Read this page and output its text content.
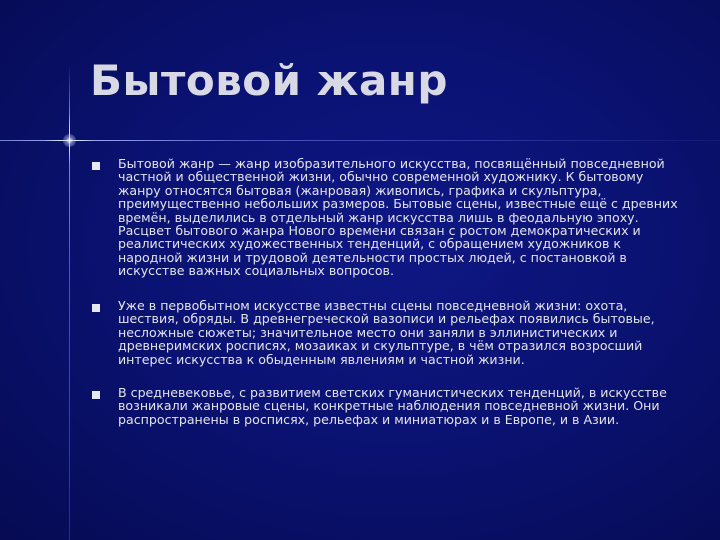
Бытовой жанр

Бытовой жанр — жанр изобразительного искусства, посвящённый повседневной частной и общественной жизни, обычно современной художнику. К бытовому жанру относятся бытовая (жанровая) живопись, графика и скульптура, преимущественно небольших размеров. Бытовые сцены, известные ещё с древних времён, выделились в отдельный жанр искусства лишь в феодальную эпоху. Расцвет бытового жанра Нового времени связан с ростом демократических и реалистических художественных тенденций, с обращением художников к народной жизни и трудовой деятельности простых людей, с постановкой в искусстве важных социальных вопросов.

Уже в первобытном искусстве известны сцены повседневной жизни: охота, шествия, обряды. В древнегреческой вазописи и рельефах появились бытовые, несложные сюжеты; значительное место они заняли в эллинистических и древнеримских росписях, мозаиках и скульптуре, в чём отразился возросший интерес искусства к обыденным явлениям и частной жизни.

В средневековье, с развитием светских гуманистических тенденций, в искусстве возникали жанровые сцены, конкретные наблюдения повседневной жизни. Они распространены в росписях, рельефах и миниатюрах и в Европе, и в Азии.
